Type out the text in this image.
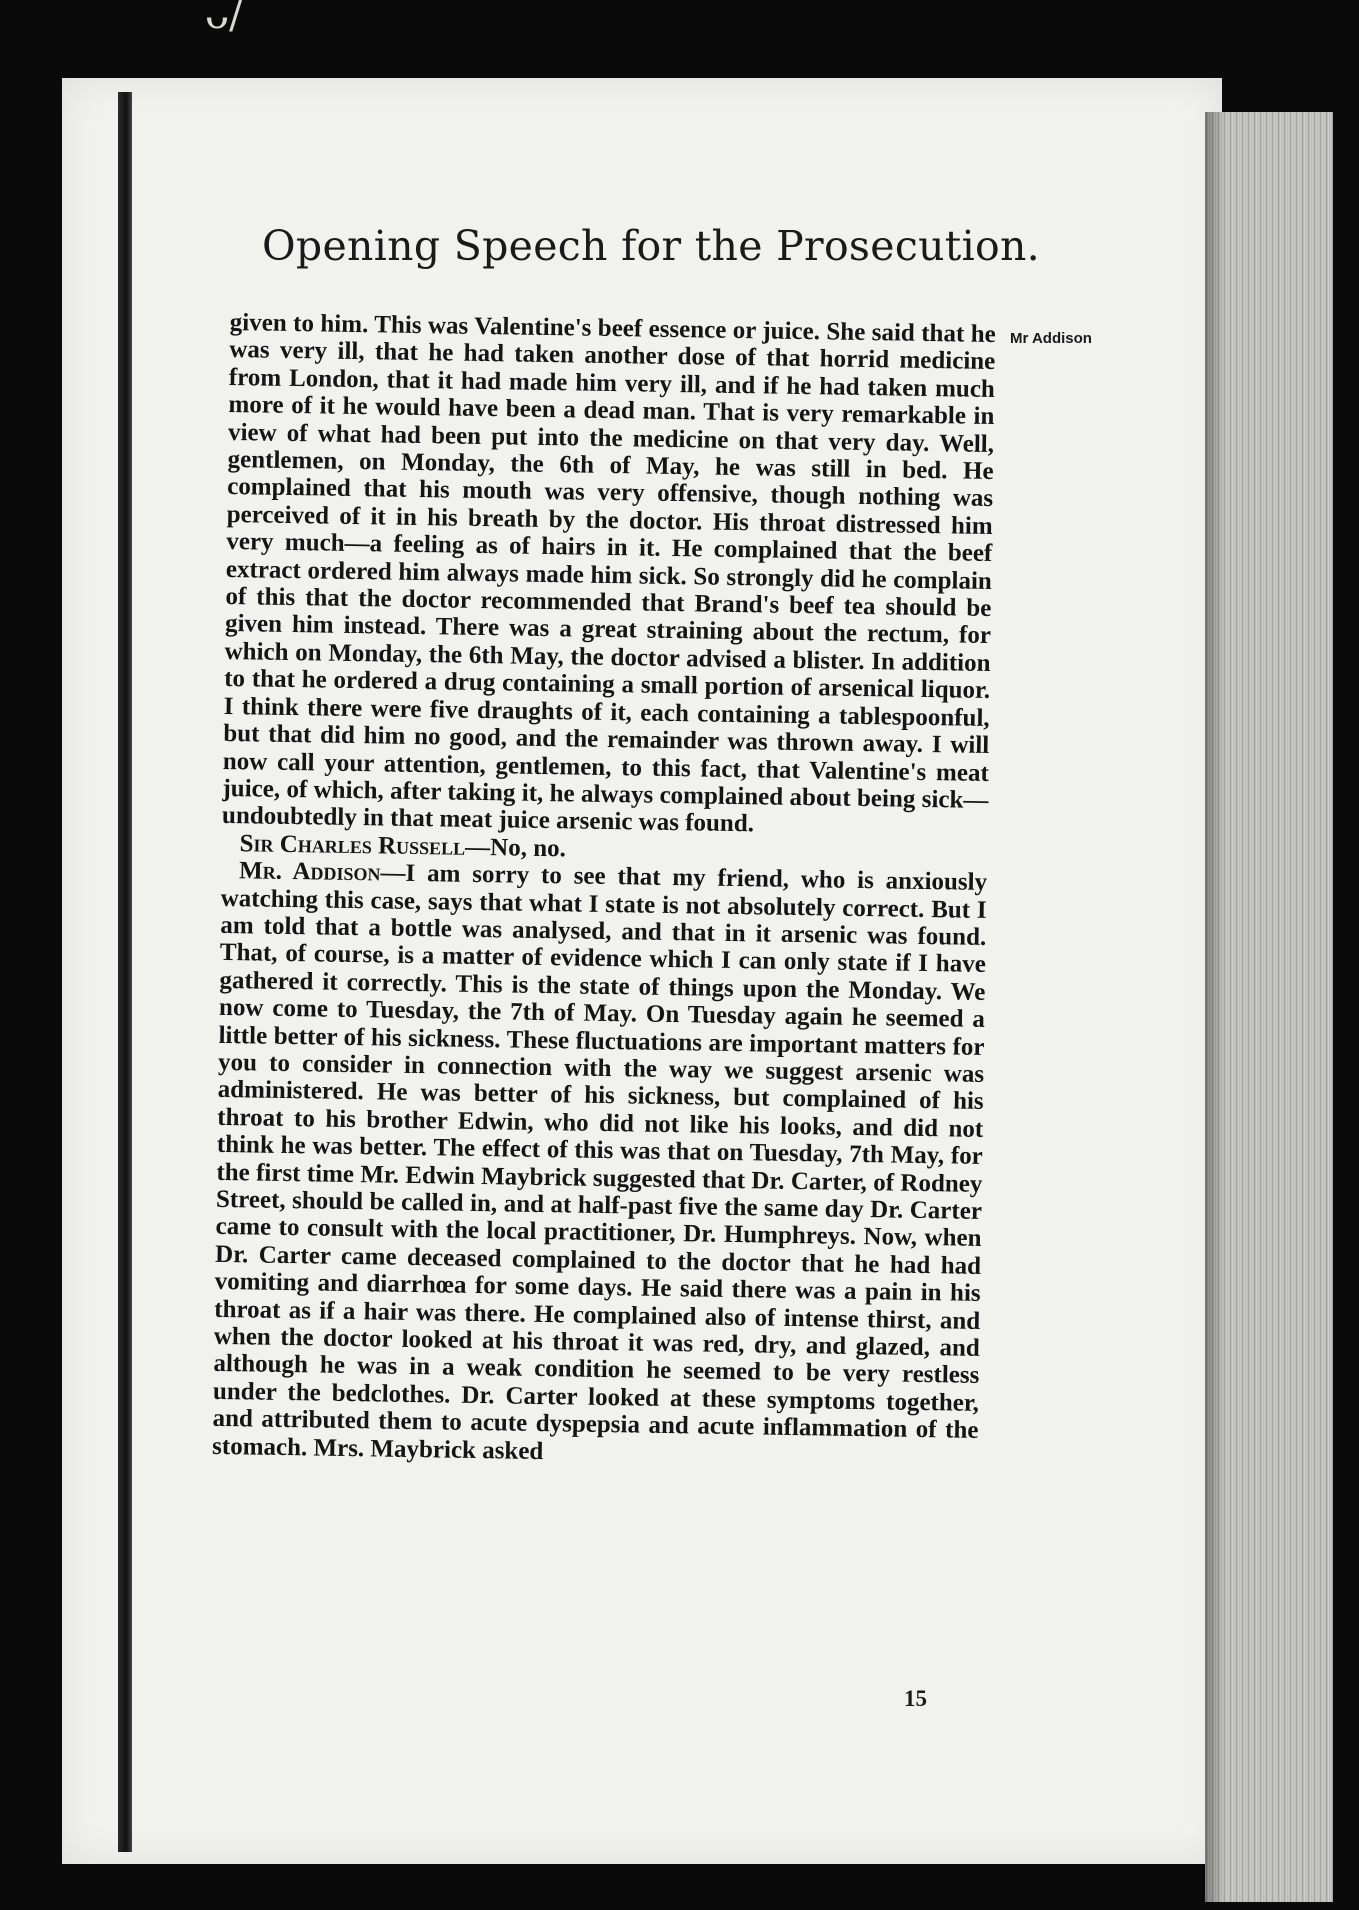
ᴗ/
Opening Speech for the Prosecution.
Mr Addison

given to him. This was Valentine's beef essence or juice. She said that he was very ill, that he had taken another dose of that horrid medicine from London, that it had made him very ill, and if he had taken much more of it he would have been a dead man. That is very remarkable in view of what had been put into the medicine on that very day. Well, gentlemen, on Monday, the 6th of May, he was still in bed. He complained that his mouth was very offensive, though nothing was perceived of it in his breath by the doctor. His throat distressed him very much—a feeling as of hairs in it. He complained that the beef extract ordered him always made him sick. So strongly did he complain of this that the doctor recommended that Brand's beef tea should be given him instead. There was a great straining about the rectum, for which on Monday, the 6th May, the doctor advised a blister. In addition to that he ordered a drug containing a small portion of arsenical liquor. I think there were five draughts of it, each containing a tablespoonful, but that did him no good, and the remainder was thrown away. I will now call your attention, gentlemen, to this fact, that Valentine's meat juice, of which, after taking it, he always complained about being sick—undoubtedly in that meat juice arsenic was found.

Sir Charles Russell—No, no.

Mr. Addison—I am sorry to see that my friend, who is anxiously watching this case, says that what I state is not absolutely correct. But I am told that a bottle was analysed, and that in it arsenic was found. That, of course, is a matter of evidence which I can only state if I have gathered it correctly. This is the state of things upon the Monday. We now come to Tuesday, the 7th of May. On Tuesday again he seemed a little better of his sickness. These fluctuations are important matters for you to consider in connection with the way we suggest arsenic was administered. He was better of his sickness, but complained of his throat to his brother Edwin, who did not like his looks, and did not think he was better. The effect of this was that on Tuesday, 7th May, for the first time Mr. Edwin Maybrick suggested that Dr. Carter, of Rodney Street, should be called in, and at half-past five the same day Dr. Carter came to consult with the local practitioner, Dr. Humphreys. Now, when Dr. Carter came deceased complained to the doctor that he had had vomiting and diarrhœa for some days. He said there was a pain in his throat as if a hair was there. He complained also of intense thirst, and when the doctor looked at his throat it was red, dry, and glazed, and although he was in a weak condition he seemed to be very restless under the bedclothes. Dr. Carter looked at these symptoms together, and attributed them to acute dyspepsia and acute inflammation of the stomach. Mrs. Maybrick asked

15
